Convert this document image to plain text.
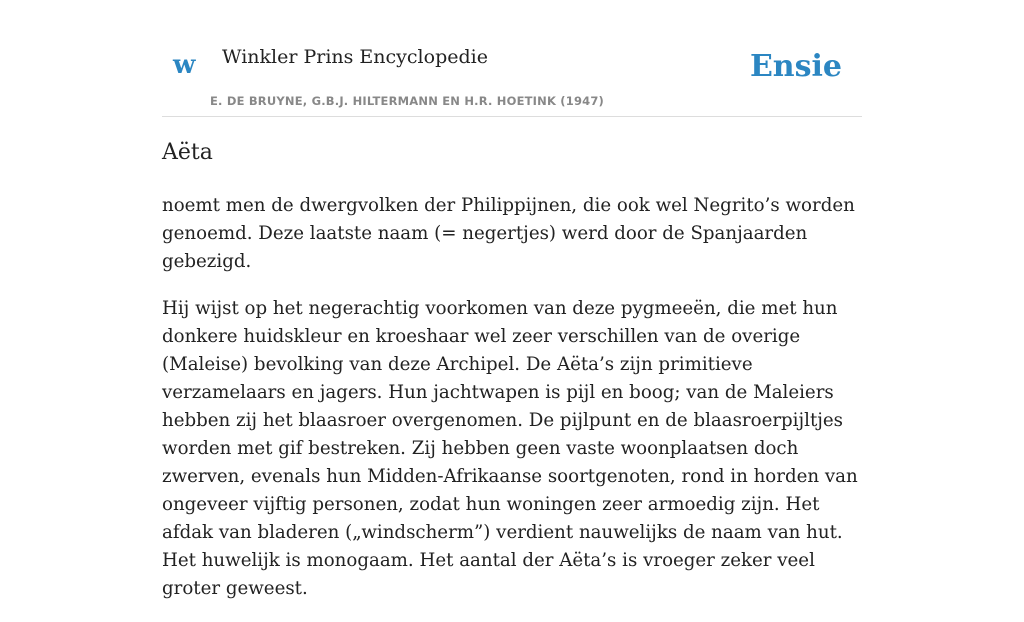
w Winkler Prins Encyclopedie
E. DE BRUYNE, G.B.J. HILTERMANN EN H.R. HOETINK (1947)
Ensie
Aëta

noemt men de dwergvolken der Philippijnen, die ook wel Negrito’s worden genoemd. Deze laatste naam (= negertjes) werd door de Spanjaarden gebezigd.

Hij wijst op het negerachtig voorkomen van deze pygmeeën, die met hun donkere huidskleur en kroeshaar wel zeer verschillen van de overige (Maleise) bevolking van deze Archipel. De Aëta’s zijn primitieve verzamelaars en jagers. Hun jachtwapen is pijl en boog; van de Maleiers hebben zij het blaasroer overgenomen. De pijlpunt en de blaasroerpijltjes worden met gif bestreken. Zij hebben geen vaste woonplaatsen doch zwerven, evenals hun Midden-Afrikaanse soortgenoten, rond in horden van ongeveer vijftig personen, zodat hun woningen zeer armoedig zijn. Het afdak van bladeren („windscherm”) verdient nauwelijks de naam van hut. Het huwelijk is monogaam. Het aantal der Aëta’s is vroeger zeker veel groter geweest.
